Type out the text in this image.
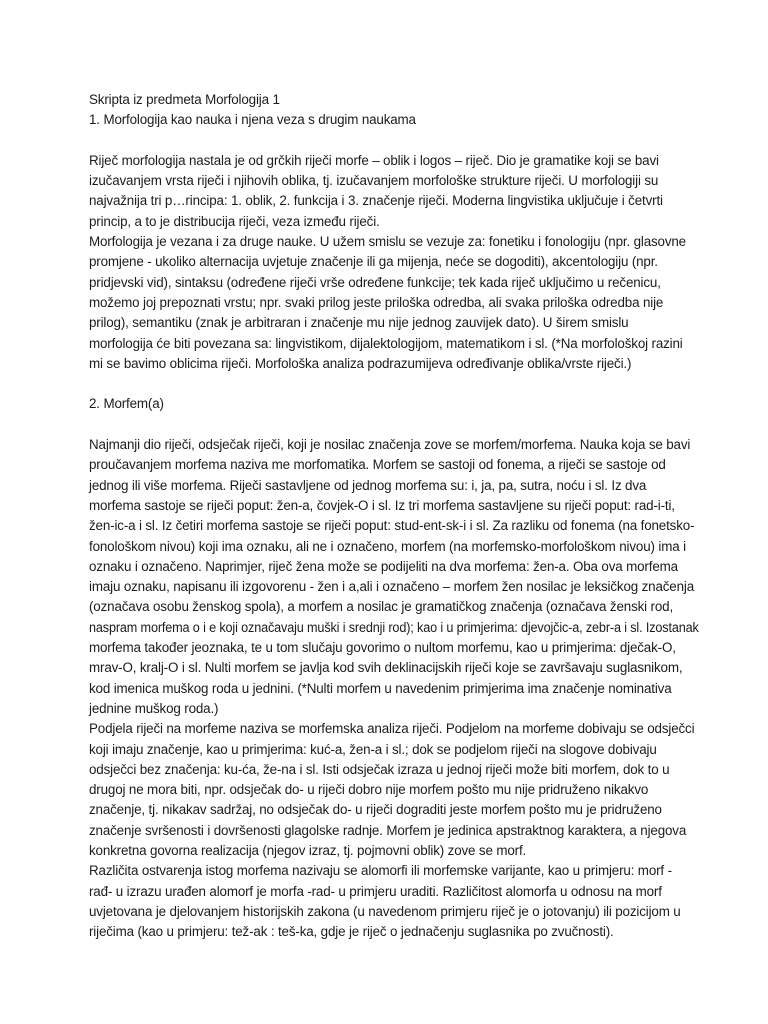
Skripta iz predmeta Morfologija 1
1. Morfologija kao nauka i njena veza s drugim naukama
Riječ morfologija nastala je od grčkih riječi morfe – oblik i logos – riječ. Dio je gramatike koji se bavi
izučavanjem vrsta riječi i njihovih oblika, tj. izučavanjem morfološke strukture riječi. U morfologiji su
najvažnija tri p…rincipa: 1. oblik, 2. funkcija i 3. značenje riječi. Moderna lingvistika uključuje i četvrti
princip, a to je distribucija riječi, veza između riječi.
Morfologija je vezana i za druge nauke. U užem smislu se vezuje za: fonetiku i fonologiju (npr. glasovne
promjene - ukoliko alternacija uvjetuje značenje ili ga mijenja, neće se dogoditi), akcentologiju (npr.
pridjevski vid), sintaksu (određene riječi vrše određene funkcije; tek kada riječ uključimo u rečenicu,
možemo joj prepoznati vrstu; npr. svaki prilog jeste priloška odredba, ali svaka priloška odredba nije
prilog), semantiku (znak je arbitraran i značenje mu nije jednog zauvijek dato). U širem smislu
morfologija će biti povezana sa: lingvistikom, dijalektologijom, matematikom i sl. (*Na morfološkoj razini
mi se bavimo oblicima riječi. Morfološka analiza podrazumijeva određivanje oblika/vrste riječi.)
2. Morfem(a)
Najmanji dio riječi, odsječak riječi, koji je nosilac značenja zove se morfem/morfema. Nauka koja se bavi
proučavanjem morfema naziva me morfomatika. Morfem se sastoji od fonema, a riječi se sastoje od
jednog ili više morfema. Riječi sastavljene od jednog morfema su: i, ja, pa, sutra, noću i sl. Iz dva
morfema sastoje se riječi poput: žen-a, čovjek-O i sl. Iz tri morfema sastavljene su riječi poput: rad-i-ti,
žen-ic-a i sl. Iz četiri morfema sastoje se riječi poput: stud-ent-sk-i i sl. Za razliku od fonema (na fonetsko-
fonološkom nivou) koji ima oznaku, ali ne i označeno, morfem (na morfemsko-morfološkom nivou) ima i
oznaku i označeno. Naprimjer, riječ žena može se podijeliti na dva morfema: žen-a. Oba ova morfema
imaju oznaku, napisanu ili izgovorenu - žen i a,ali i označeno – morfem žen nosilac je leksičkog značenja
(označava osobu ženskog spola), a morfem a nosilac je gramatičkog značenja (označava ženski rod,
naspram morfema o i e koji označavaju muški i srednji rod); kao i u primjerima: djevojčic-a, zebr-a i sl. Izostanak
morfema također jeoznaka, te u tom slučaju govorimo o nultom morfemu, kao u primjerima: dječak-O,
mrav-O, kralj-O i sl. Nulti morfem se javlja kod svih deklinacijskih riječi koje se završavaju suglasnikom,
kod imenica muškog roda u jednini. (*Nulti morfem u navedenim primjerima ima značenje nominativa
jednine muškog roda.)
Podjela riječi na morfeme naziva se morfemska analiza riječi. Podjelom na morfeme dobivaju se odsječci
koji imaju značenje, kao u primjerima: kuć-a, žen-a i sl.; dok se podjelom riječi na slogove dobivaju
odsječci bez značenja: ku-ća, že-na i sl. Isti odsječak izraza u jednoj riječi može biti morfem, dok to u
drugoj ne mora biti, npr. odsječak do- u riječi dobro nije morfem pošto mu nije pridruženo nikakvo
značenje, tj. nikakav sadržaj, no odsječak do- u riječi dograditi jeste morfem pošto mu je pridruženo
značenje svršenosti i dovršenosti glagolske radnje. Morfem je jedinica apstraktnog karaktera, a njegova
konkretna govorna realizacija (njegov izraz, tj. pojmovni oblik) zove se morf.
Različita ostvarenja istog morfema nazivaju se alomorfi ili morfemske varijante, kao u primjeru: morf -
rađ- u izrazu urađen alomorf je morfa -rad- u primjeru uraditi. Različitost alomorfa u odnosu na morf
uvjetovana je djelovanjem historijskih zakona (u navedenom primjeru riječ je o jotovanju) ili pozicijom u
riječima (kao u primjeru: tež-ak : teš-ka, gdje je riječ o jednačenju suglasnika po zvučnosti).
